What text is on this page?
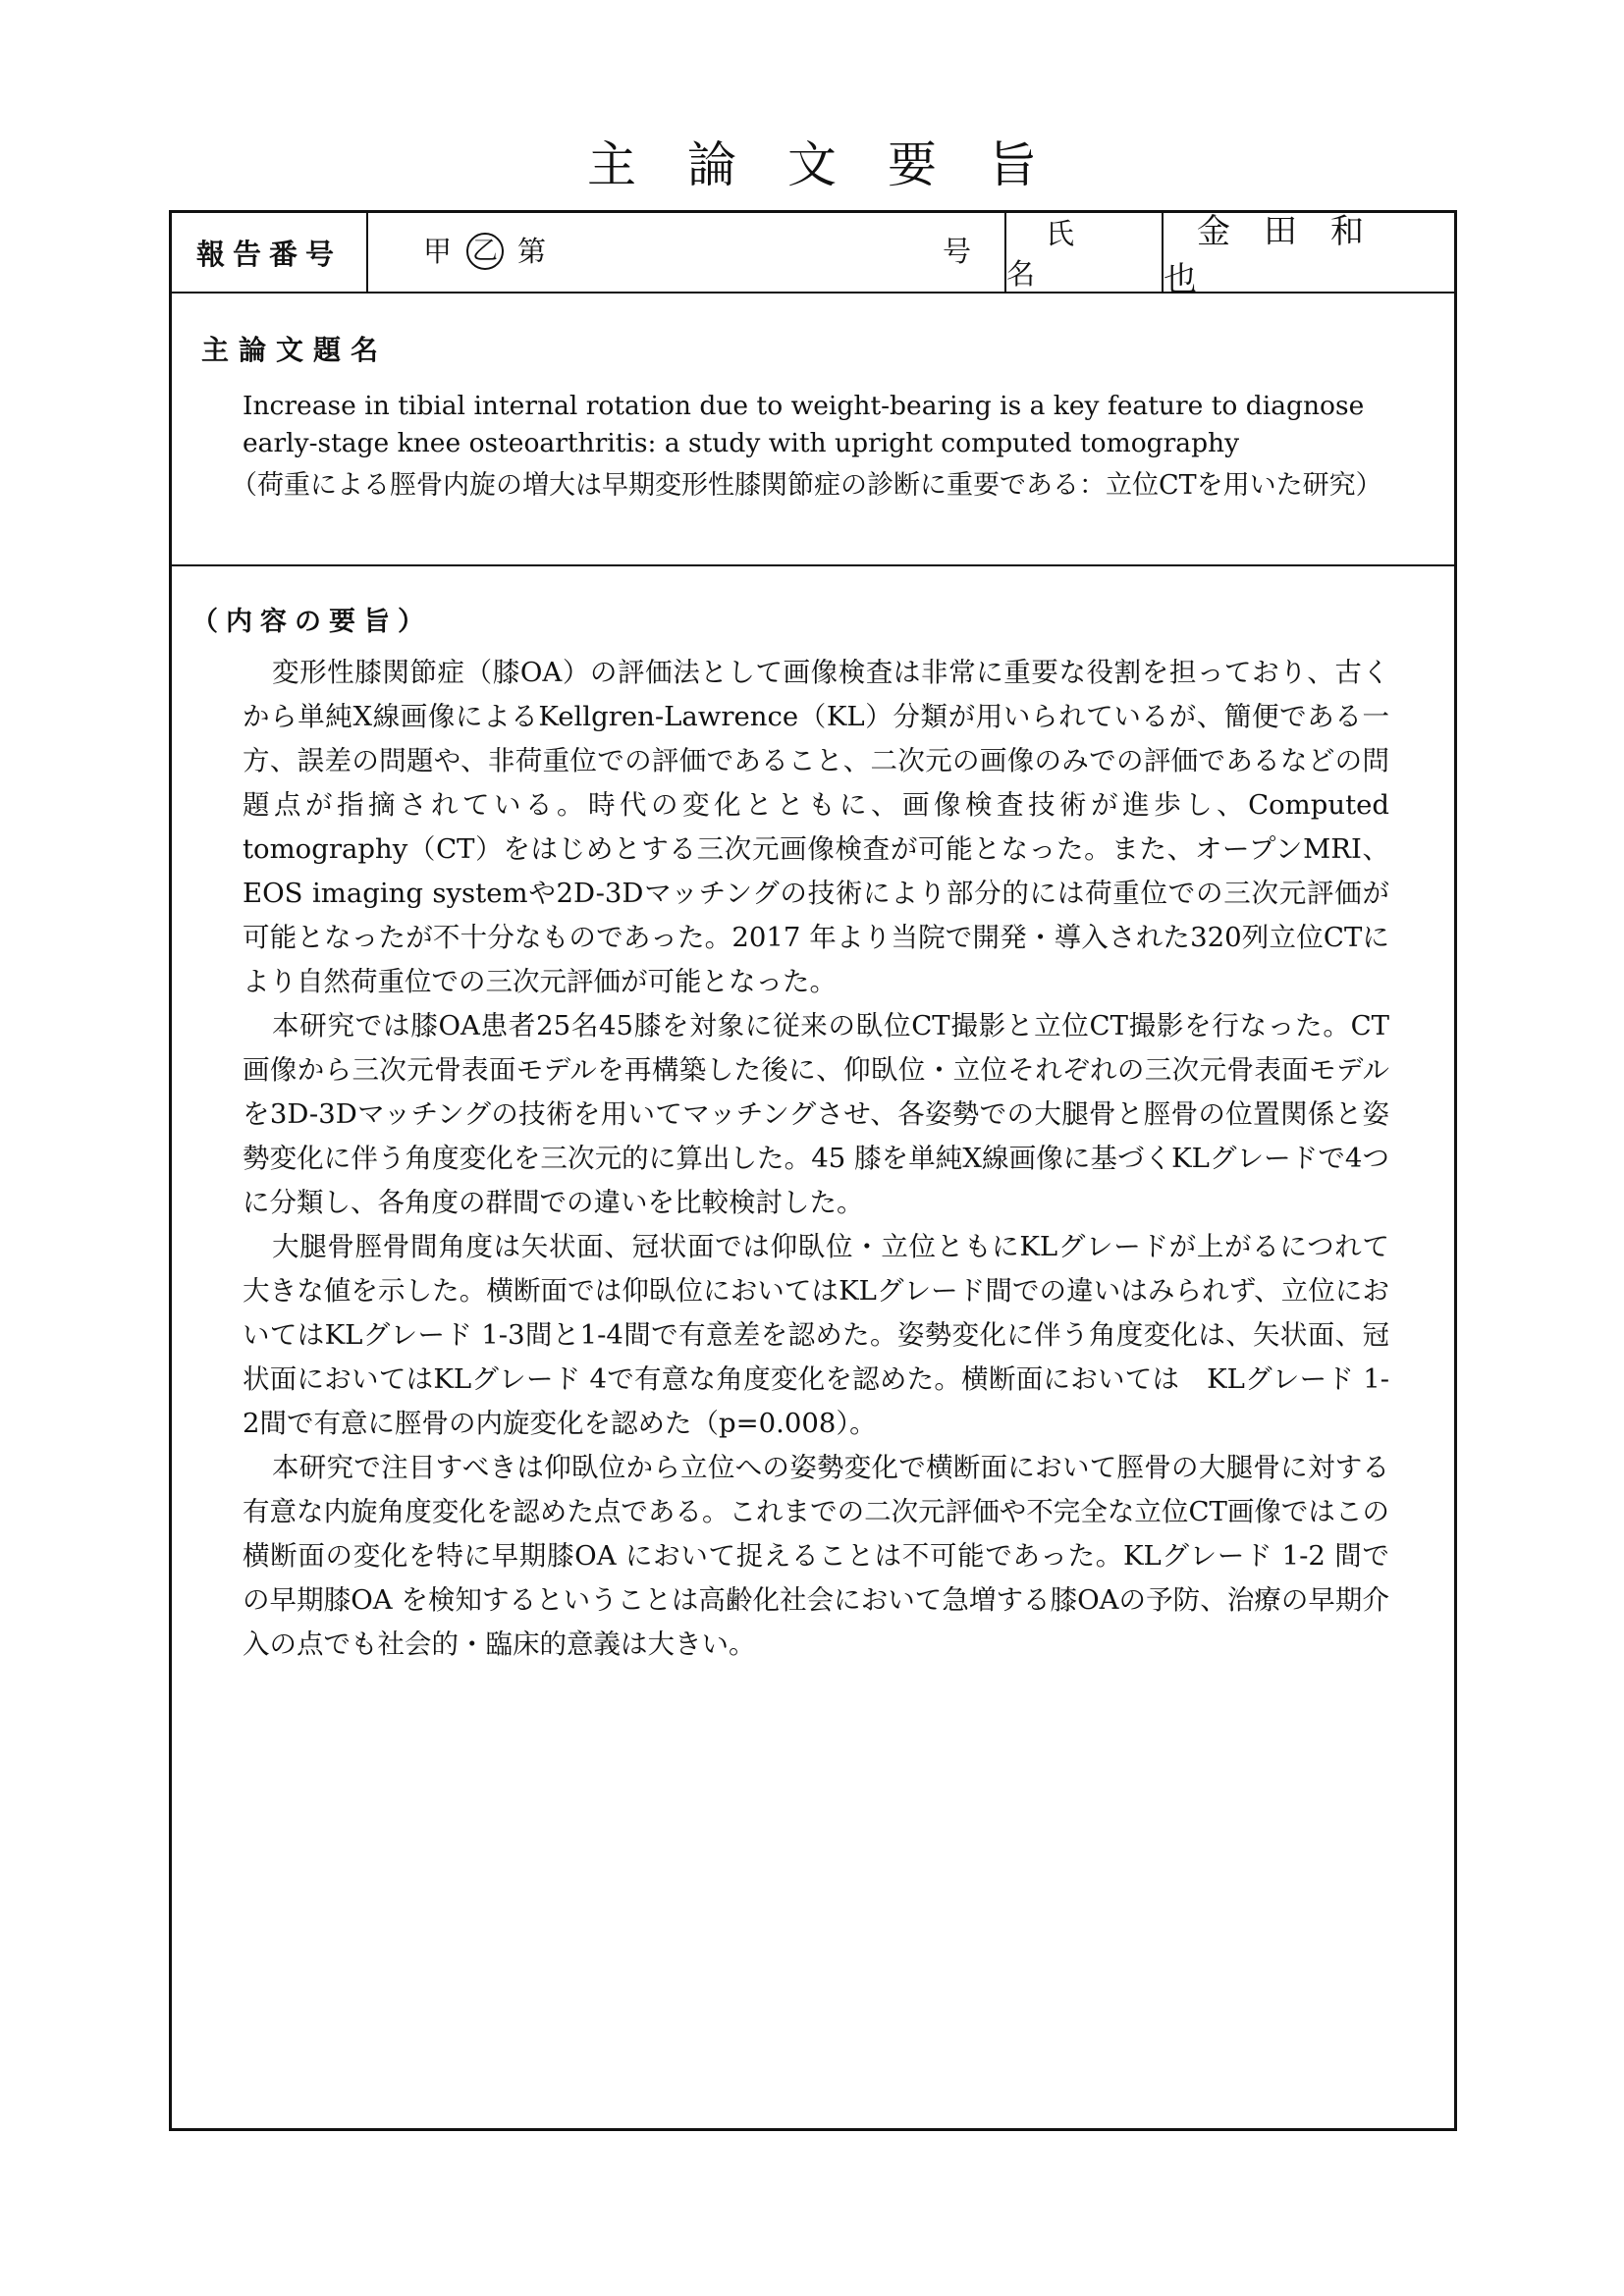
主論文要旨
報告番号	甲 乙 第	号
氏名
金田和也
主論文題名
Increase in tibial internal rotation due to weight-bearing is a key feature to diagnose early-stage knee osteoarthritis: a study with upright computed tomography
（荷重による脛骨内旋の増大は早期変形性膝関節症の診断に重要である：立位CTを用いた研究）
（内容の要旨）

変形性膝関節症（膝OA）の評価法として画像検査は非常に重要な役割を担っており、古くから単純X線画像によるKellgren-Lawrence（KL）分類が用いられているが、簡便である一方、誤差の問題や、非荷重位での評価であること、二次元の画像のみでの評価であるなどの問題点が指摘されている。時代の変化とともに、画像検査技術が進歩し、Computed tomography（CT）をはじめとする三次元画像検査が可能となった。また、オープンMRI、EOS imaging systemや2D-3Dマッチングの技術により部分的には荷重位での三次元評価が可能となったが不十分なものであった。2017 年より当院で開発・導入された320列立位CTにより自然荷重位での三次元評価が可能となった。

本研究では膝OA患者25名45膝を対象に従来の臥位CT撮影と立位CT撮影を行なった。CT画像から三次元骨表面モデルを再構築した後に、仰臥位・立位それぞれの三次元骨表面モデルを3D-3Dマッチングの技術を用いてマッチングさせ、各姿勢での大腿骨と脛骨の位置関係と姿勢変化に伴う角度変化を三次元的に算出した。45 膝を単純X線画像に基づくKLグレードで4つに分類し、各角度の群間での違いを比較検討した。

大腿骨脛骨間角度は矢状面、冠状面では仰臥位・立位ともにKLグレードが上がるにつれて大きな値を示した。横断面では仰臥位においてはKLグレード間での違いはみられず、立位においてはKLグレード 1-3間と1-4間で有意差を認めた。姿勢変化に伴う角度変化は、矢状面、冠状面においてはKLグレード 4で有意な角度変化を認めた。横断面においては　KLグレード 1-2間で有意に脛骨の内旋変化を認めた（p=0.008）。

本研究で注目すべきは仰臥位から立位への姿勢変化で横断面において脛骨の大腿骨に対する有意な内旋角度変化を認めた点である。これまでの二次元評価や不完全な立位CT画像ではこの横断面の変化を特に早期膝OA において捉えることは不可能であった。KLグレード 1-2 間での早期膝OA を検知するということは高齢化社会において急増する膝OAの予防、治療の早期介入の点でも社会的・臨床的意義は大きい。
